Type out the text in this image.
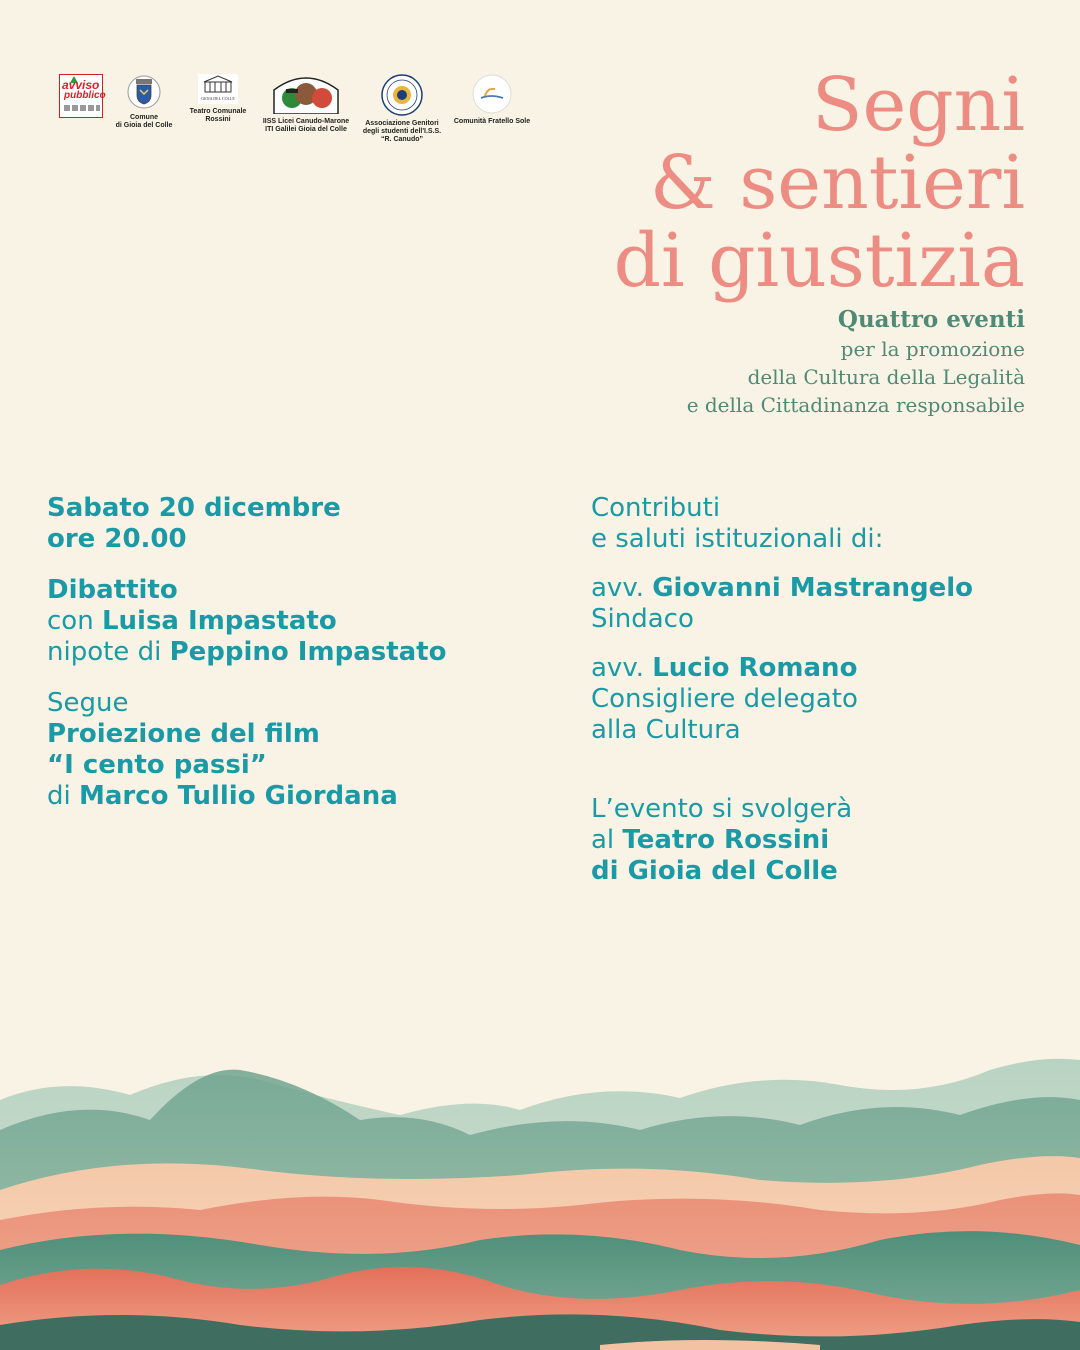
avviso
pubblico
Comune
di Gioia del Colle
GIOIA DEL COLLE
Teatro Comunale
Rossini	IISS Licei Canudo-Marone
ITI Galilei Gioia del Colle
Associazione Genitori
degli studenti dell'I.S.S.
“R. Canudo”
Comunità Fratello Sole	Segni
& sentieri
di giustizia
Quattro eventi
per la promozione
della Cultura della Legalità
e della Cittadinanza responsabile
Sabato 20 dicembre
ore 20.00
Dibattito
con Luisa Impastato
nipote di Peppino Impastato
Segue
Proiezione del film
“I cento passi”
di Marco Tullio Giordana
Contributi
e saluti istituzionali di:
avv. Giovanni Mastrangelo
Sindaco
avv. Lucio Romano
Consigliere delegato
alla Cultura
L’evento si svolgerà
al Teatro Rossini
di Gioia del Colle
